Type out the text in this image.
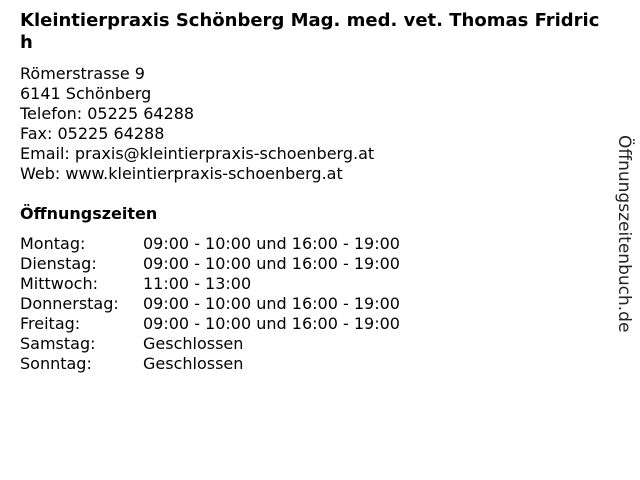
Kleintierpraxis Schönberg Mag. med. vet. Thomas Fridrich
Römerstrasse 9
6141 Schönberg
Telefon: 05225 64288
Fax: 05225 64288
Email: praxis@kleintierpraxis-schoenberg.at
Web: www.kleintierpraxis-schoenberg.at
Öffnungszeiten
Montag:	09:00 - 10:00 und 16:00 - 19:00
Dienstag:	09:00 - 10:00 und 16:00 - 19:00
Mittwoch:	11:00 - 13:00
Donnerstag:	09:00 - 10:00 und 16:00 - 19:00
Freitag:	09:00 - 10:00 und 16:00 - 19:00
Samstag:	Geschlossen
Sonntag:	Geschlossen
Öffnungszeitenbuch.de
